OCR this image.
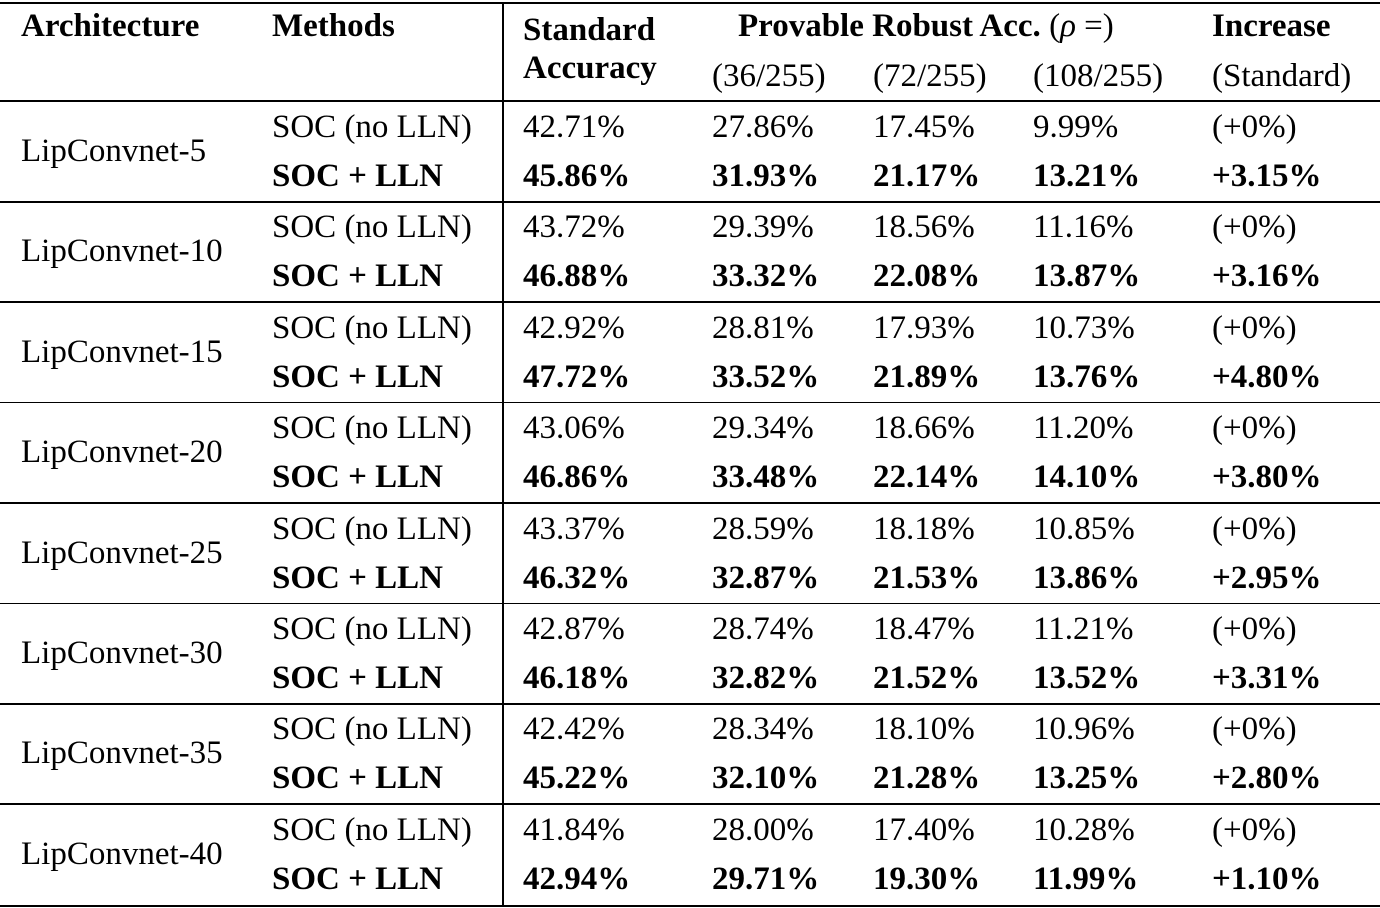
Architecture Methods	Standard
Accuracy
Provable Robust Acc. (ρ =)	Increase
(36/255) (72/255) (108/255) (Standard)
LipConvnet-5
SOC (no LLN)
SOC + LLN
42.71%
45.86%
27.86%
31.93%
17.45%
21.17%
9.99%
13.21%
(+0%)
+3.15%
LipConvnet-10
SOC (no LLN)
SOC + LLN
43.72%
46.88%
29.39%
33.32%
18.56%
22.08%
11.16%
13.87%
(+0%)
+3.16%
LipConvnet-15
SOC (no LLN)
SOC + LLN
42.92%
47.72%
28.81%
33.52%
17.93%
21.89%
10.73%
13.76%
(+0%)
+4.80%
LipConvnet-20
SOC (no LLN)
SOC + LLN
43.06%
46.86%
29.34%
33.48%
18.66%
22.14%
11.20%
14.10%
(+0%)
+3.80%
LipConvnet-25
SOC (no LLN)
SOC + LLN
43.37%
46.32%
28.59%
32.87%
18.18%
21.53%
10.85%
13.86%
(+0%)
+2.95%
LipConvnet-30
SOC (no LLN)
SOC + LLN
42.87%
46.18%
28.74%
32.82%
18.47%
21.52%
11.21%
13.52%
(+0%)
+3.31%
LipConvnet-35
SOC (no LLN)
SOC + LLN
42.42%
45.22%
28.34%
32.10%
18.10%
21.28%
10.96%
13.25%
(+0%)
+2.80%
LipConvnet-40
SOC (no LLN)
SOC + LLN
41.84%
42.94%
28.00%
29.71%
17.40%
19.30%
10.28%
11.99%
(+0%)
+1.10%
